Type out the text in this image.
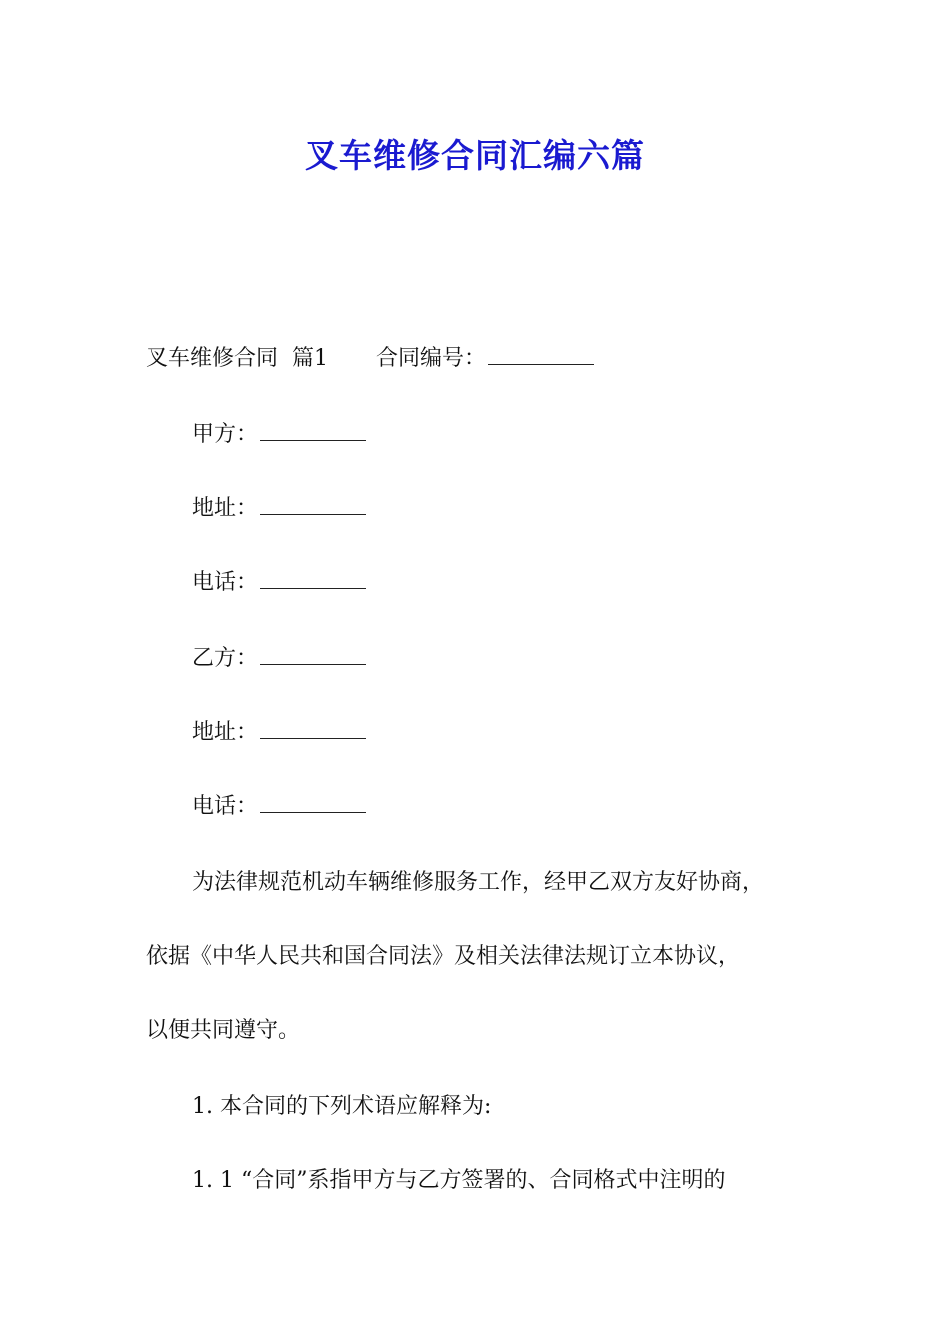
叉车维修合同汇编六篇
叉车维修合同  篇1 合同编号：
甲方：
地址：
电话：
乙方：
地址：
电话：
为法律规范机动车辆维修服务工作，经甲乙双方友好协商，
依据《中华人民共和国合同法》及相关法律法规订立本协议，
以便共同遵守。
1. 本合同的下列术语应解释为:
1. 1 “合同”系指甲方与乙方签署的、合同格式中注明的
